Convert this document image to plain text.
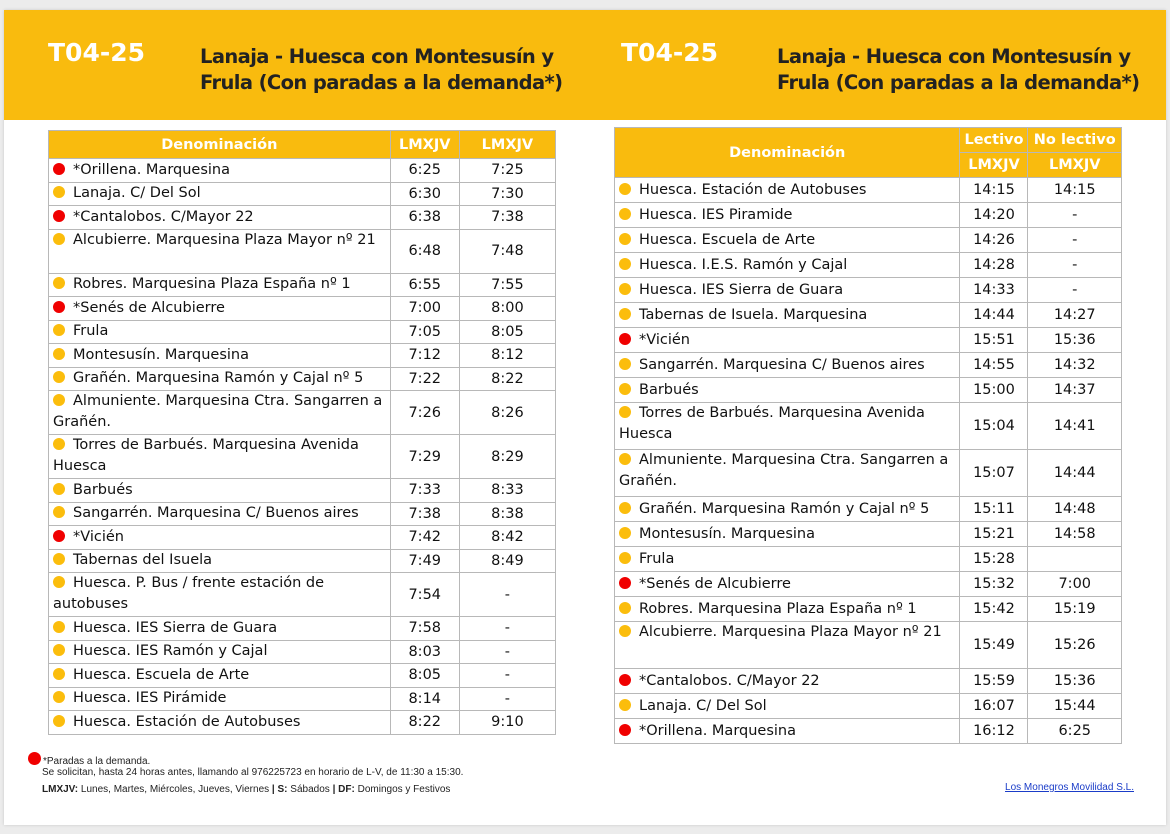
T04-25	Lanaja - Huesca con Montesusín y Frula (Con paradas a la demanda*)
T04-25	Lanaja - Huesca con Montesusín y Frula (Con paradas a la demanda*)
Denominación	LMXJV	LMXJV
*Orillena. Marquesina	6:25	7:25
Lanaja. C/ Del Sol	6:30	7:30
*Cantalobos. C/Mayor 22	6:38	7:38
Alcubierre. Marquesina Plaza Mayor nº 21	6:48	7:48
Robres. Marquesina Plaza España nº 1	6:55	7:55
*Senés de Alcubierre	7:00	8:00
Frula	7:05	8:05
Montesusín. Marquesina	7:12	8:12
Grañén. Marquesina Ramón y Cajal nº 5	7:22	8:22
Almuniente. Marquesina Ctra. Sangarren a Grañén.	7:26	8:26
Torres de Barbués. Marquesina Avenida Huesca	7:29	8:29
Barbués	7:33	8:33
Sangarrén. Marquesina C/ Buenos aires	7:38	8:38
*Vicién	7:42	8:42
Tabernas del Isuela	7:49	8:49
Huesca. P. Bus / frente estación de autobuses	7:54	-
Huesca. IES Sierra de Guara	7:58	-
Huesca. IES Ramón y Cajal	8:03	-
Huesca. Escuela de Arte	8:05	-
Huesca. IES Pirámide	8:14	-
Huesca. Estación de Autobuses	8:22	9:10
Denominación	Lectivo	No lectivo
	LMXJV	LMXJV
Huesca. Estación de Autobuses	14:15	14:15
Huesca. IES Piramide	14:20	-
Huesca. Escuela de Arte	14:26	-
Huesca. I.E.S. Ramón y Cajal	14:28	-
Huesca. IES Sierra de Guara	14:33	-
Tabernas de Isuela. Marquesina	14:44	14:27
*Vicién	15:51	15:36
Sangarrén. Marquesina C/ Buenos aires	14:55	14:32
Barbués	15:00	14:37
Torres de Barbués. Marquesina Avenida Huesca	15:04	14:41
Almuniente. Marquesina Ctra. Sangarren a Grañén.	15:07	14:44
Grañén. Marquesina Ramón y Cajal nº 5	15:11	14:48
Montesusín. Marquesina	15:21	14:58
Frula	15:28	
*Senés de Alcubierre	15:32	7:00
Robres. Marquesina Plaza España nº 1	15:42	15:19
Alcubierre. Marquesina Plaza Mayor nº 21	15:49	15:26
*Cantalobos. C/Mayor 22	15:59	15:36
Lanaja. C/ Del Sol	16:07	15:44
*Orillena. Marquesina	16:12	6:25
*Paradas a la demanda.
Se solicitan, hasta 24 horas antes, llamando al 976225723 en horario de L-V, de 11:30 a 15:30.
LMXJV: Lunes, Martes, Miércoles, Jueves, Viernes | S: Sábados | DF: Domingos y Festivos	Los Monegros Movilidad S.L.
